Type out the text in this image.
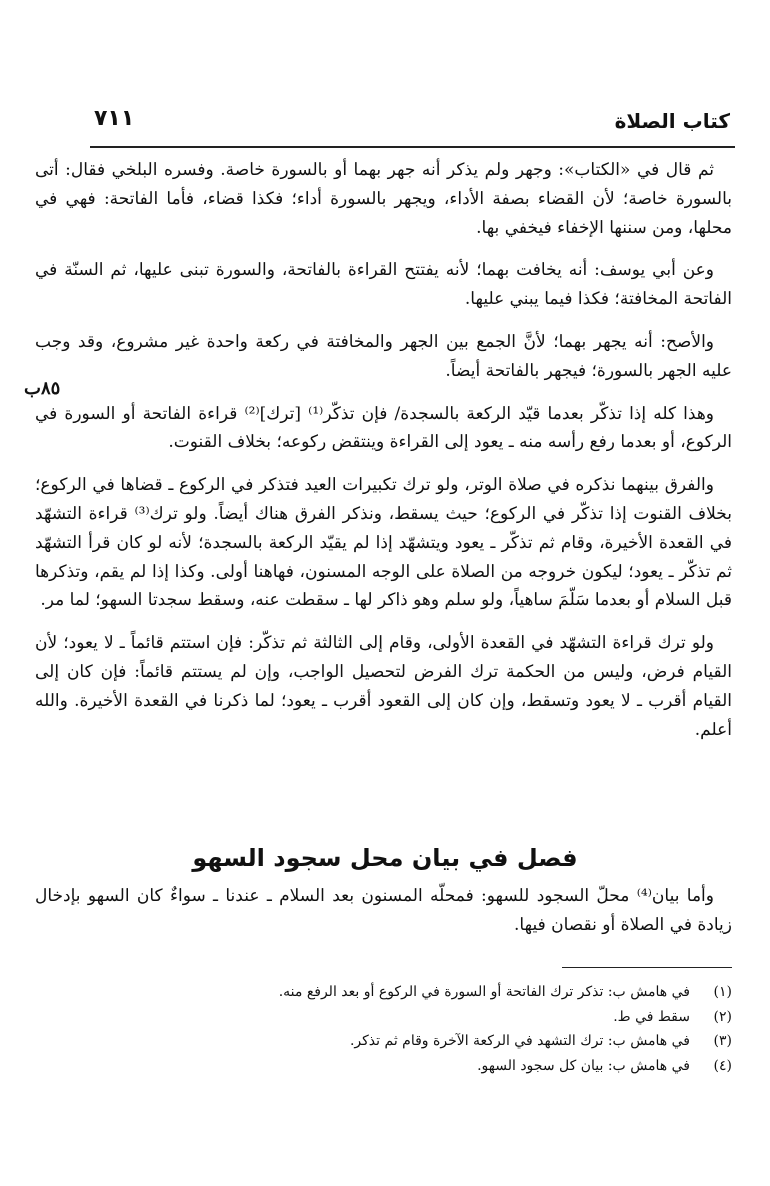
كتاب الصلاة
٧١١
٨٥ب

ثم قال في «الكتاب»: وجهر ولم يذكر أنه جهر بهما أو بالسورة خاصة. وفسره البلخي فقال: أتى بالسورة خاصة؛ لأن القضاء بصفة الأداء، ويجهر بالسورة أداء؛ فكذا قضاء، فأما الفاتحة: فهي في محلها، ومن سننها الإخفاء فيخفي بها.

وعن أبي يوسف: أنه يخافت بهما؛ لأنه يفتتح القراءة بالفاتحة، والسورة تبنى عليها، ثم السنّة في الفاتحة المخافتة؛ فكذا فيما يبني عليها.

والأصح: أنه يجهر بهما؛ لأنَّ الجمع بين الجهر والمخافتة في ركعة واحدة غير مشروع، وقد وجب عليه الجهر بالسورة؛ فيجهر بالفاتحة أيضاً.

وهذا كله إذا تذكّر بعدما قيّد الركعة بالسجدة/ فإن تذكّر⁽¹⁾ [ترك]⁽²⁾ قراءة الفاتحة أو السورة في الركوع، أو بعدما رفع رأسه منه ـ يعود إلى القراءة وينتقض ركوعه؛ بخلاف القنوت.

والفرق بينهما نذكره في صلاة الوتر، ولو ترك تكبيرات العيد فتذكر في الركوع ـ قضاها في الركوع؛ بخلاف القنوت إذا تذكّر في الركوع؛ حيث يسقط، ونذكر الفرق هناك أيضاً. ولو ترك⁽³⁾ قراءة التشهّد في القعدة الأخيرة، وقام ثم تذكّر ـ يعود ويتشهّد إذا لم يقيّد الركعة بالسجدة؛ لأنه لو كان قرأ التشهّد ثم تذكّر ـ يعود؛ ليكون خروجه من الصلاة على الوجه المسنون، فهاهنا أولى. وكذا إذا لم يقم، وتذكرها قبل السلام أو بعدما سَلّمَ ساهياً، ولو سلم وهو ذاكر لها ـ سقطت عنه، وسقط سجدتا السهو؛ لما مر.

ولو ترك قراءة التشهّد في القعدة الأولى، وقام إلى الثالثة ثم تذكّر: فإن استتم قائماً ـ لا يعود؛ لأن القيام فرض، وليس من الحكمة ترك الفرض لتحصيل الواجب، وإن لم يستتم قائماً: فإن كان إلى القيام أقرب ـ لا يعود وتسقط، وإن كان إلى القعود أقرب ـ يعود؛ لما ذكرنا في القعدة الأخيرة. والله أعلم.

فصل في بيان محل سجود السهو

وأما بيان⁽⁴⁾ محلّ السجود للسهو: فمحلّه المسنون بعد السلام ـ عندنا ـ سواءٌ كان السهو بإدخال زيادة في الصلاة أو نقصان فيها.

(١)
في هامش ب: تذكر ترك الفاتحة أو السورة في الركوع أو بعد الرفع منه.
(٢)
سقط في ط.
(٣)
في هامش ب: ترك التشهد في الركعة الآخرة وقام ثم تذكر.
(٤)
في هامش ب: بيان كل سجود السهو.
